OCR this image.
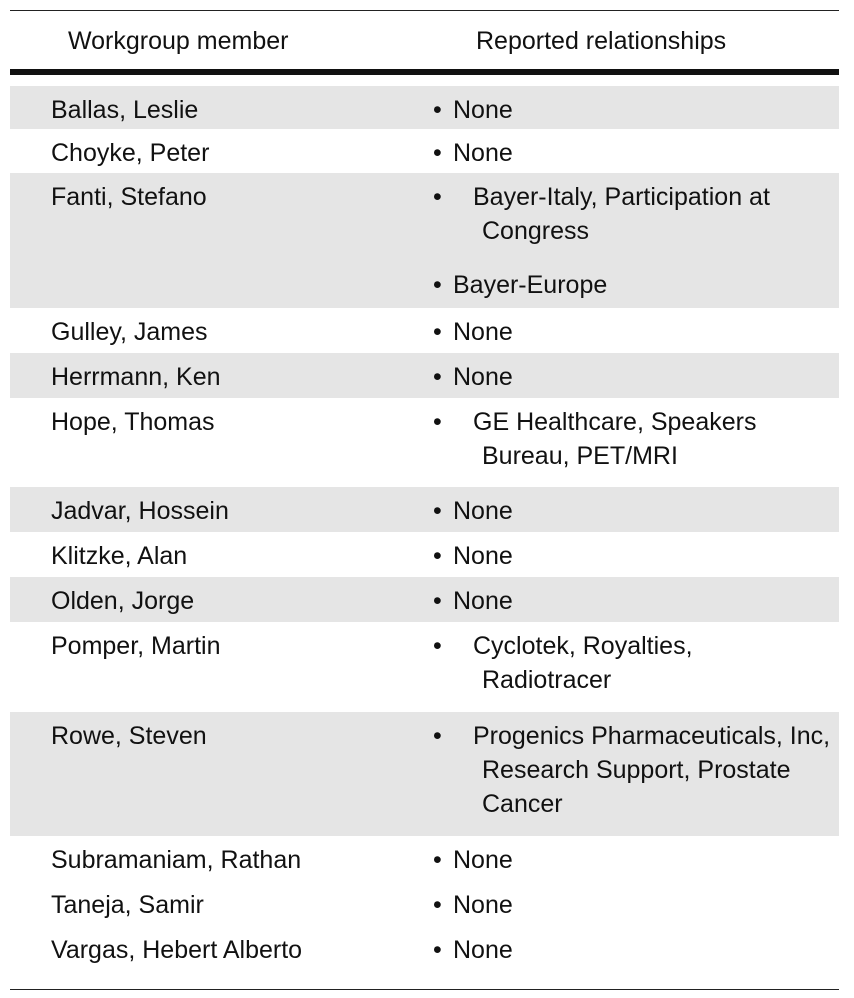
Workgroup member	Reported relationships
Ballas, Leslie	• None
Choyke, Peter	• None
Fanti, Stefano	•	Bayer-Italy, Participation at Congress
• Bayer-Europe
Gulley, James	• None
Herrmann, Ken	• None
Hope, Thomas	•	GE Healthcare, Speakers Bureau, PET/MRI
Jadvar, Hossein	• None
Klitzke, Alan	• None
Olden, Jorge	• None
Pomper, Martin	•	Cyclotek, Royalties, Radiotracer
Rowe, Steven	•	Progenics Pharmaceuticals, Inc, Research Support, Prostate Cancer
Subramaniam, Rathan	• None
Taneja, Samir	• None
Vargas, Hebert Alberto	• None
